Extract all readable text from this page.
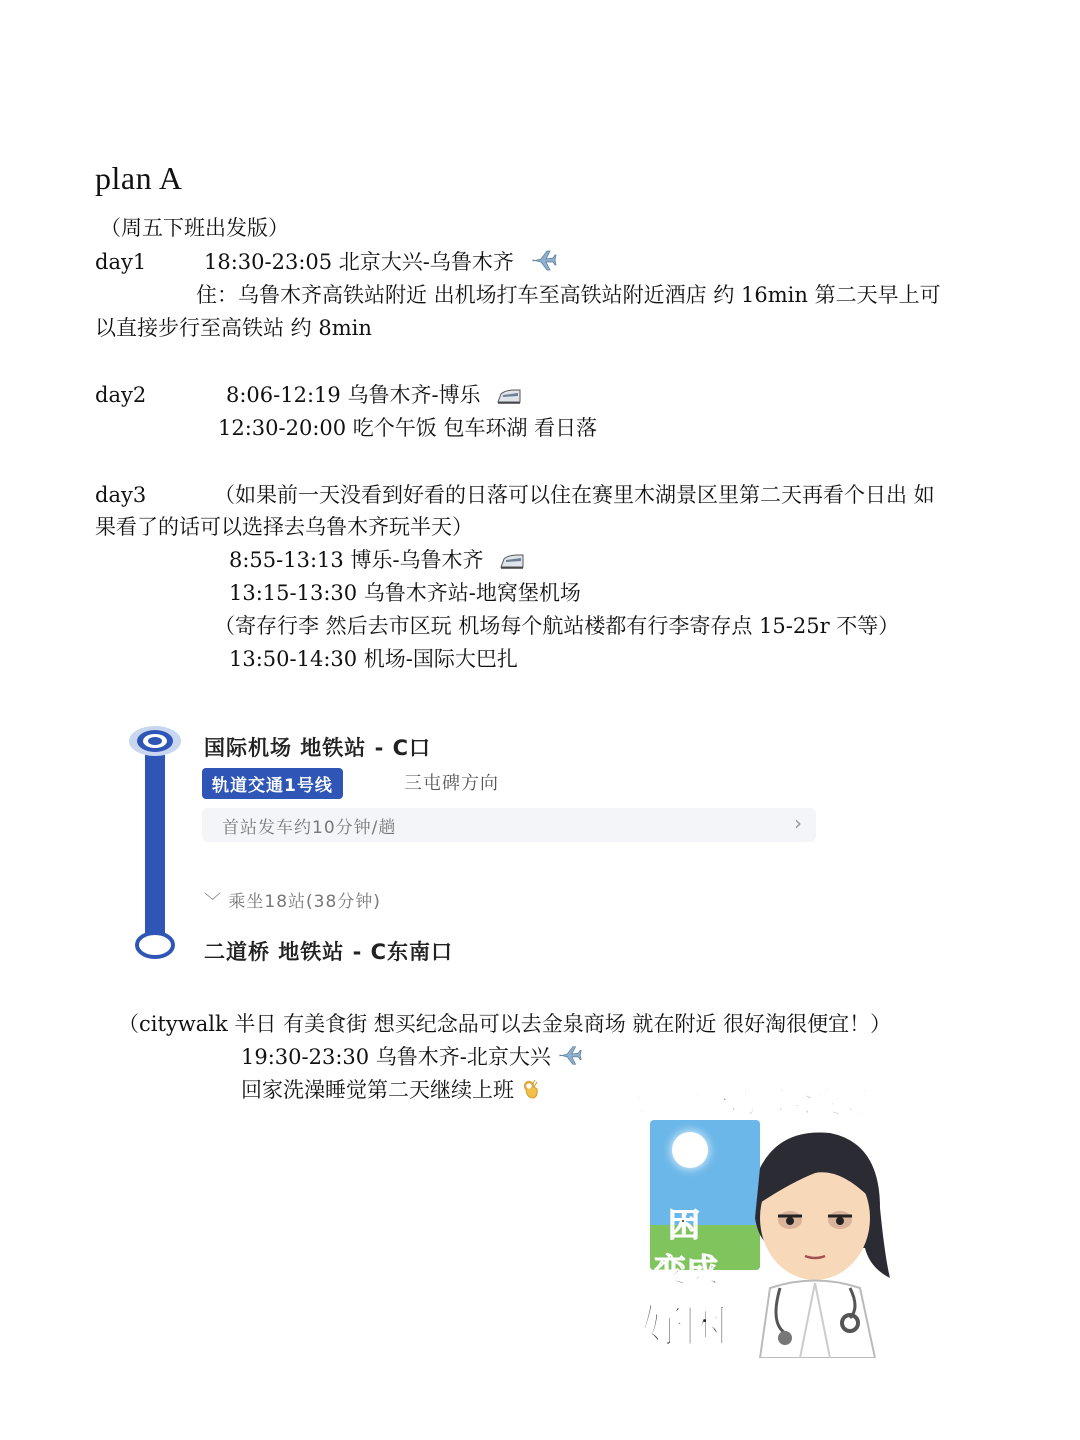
plan A
（周五下班出发版）
day1	18:30-23:05 北京大兴-乌鲁木齐
住：乌鲁木齐高铁站附近 出机场打车至高铁站附近酒店 约 16min 第二天早上可
以直接步行至高铁站 约 8min
day2	8:06-12:19 乌鲁木齐-博乐
12:30-20:00 吃个午饭 包车环湖 看日落
day3	（如果前一天没看到好看的日落可以住在赛里木湖景区里第二天再看个日出 如
果看了的话可以选择去乌鲁木齐玩半天）
8:55-13:13 博乐-乌鲁木齐
13:15-13:30 乌鲁木齐站-地窝堡机场
（寄存行李 然后去市区玩 机场每个航站楼都有行李寄存点 15-25r 不等）
13:50-14:30 机场-国际大巴扎
国际机场 地铁站 - C口
轨道交通1号线	三屯碑方向
首站发车约10分钟/趟	›
﹀ 乘坐18站(38分钟)
二道桥 地铁站 - C东南口
（citywalk 半日 有美食街 想买纪念品可以去金泉商场 就在附近 很好淘很便宜！）
19:30-23:30 乌鲁木齐-北京大兴
回家洗澡睡觉第二天继续上班	上班后一切都会变好
困
变成
好困
